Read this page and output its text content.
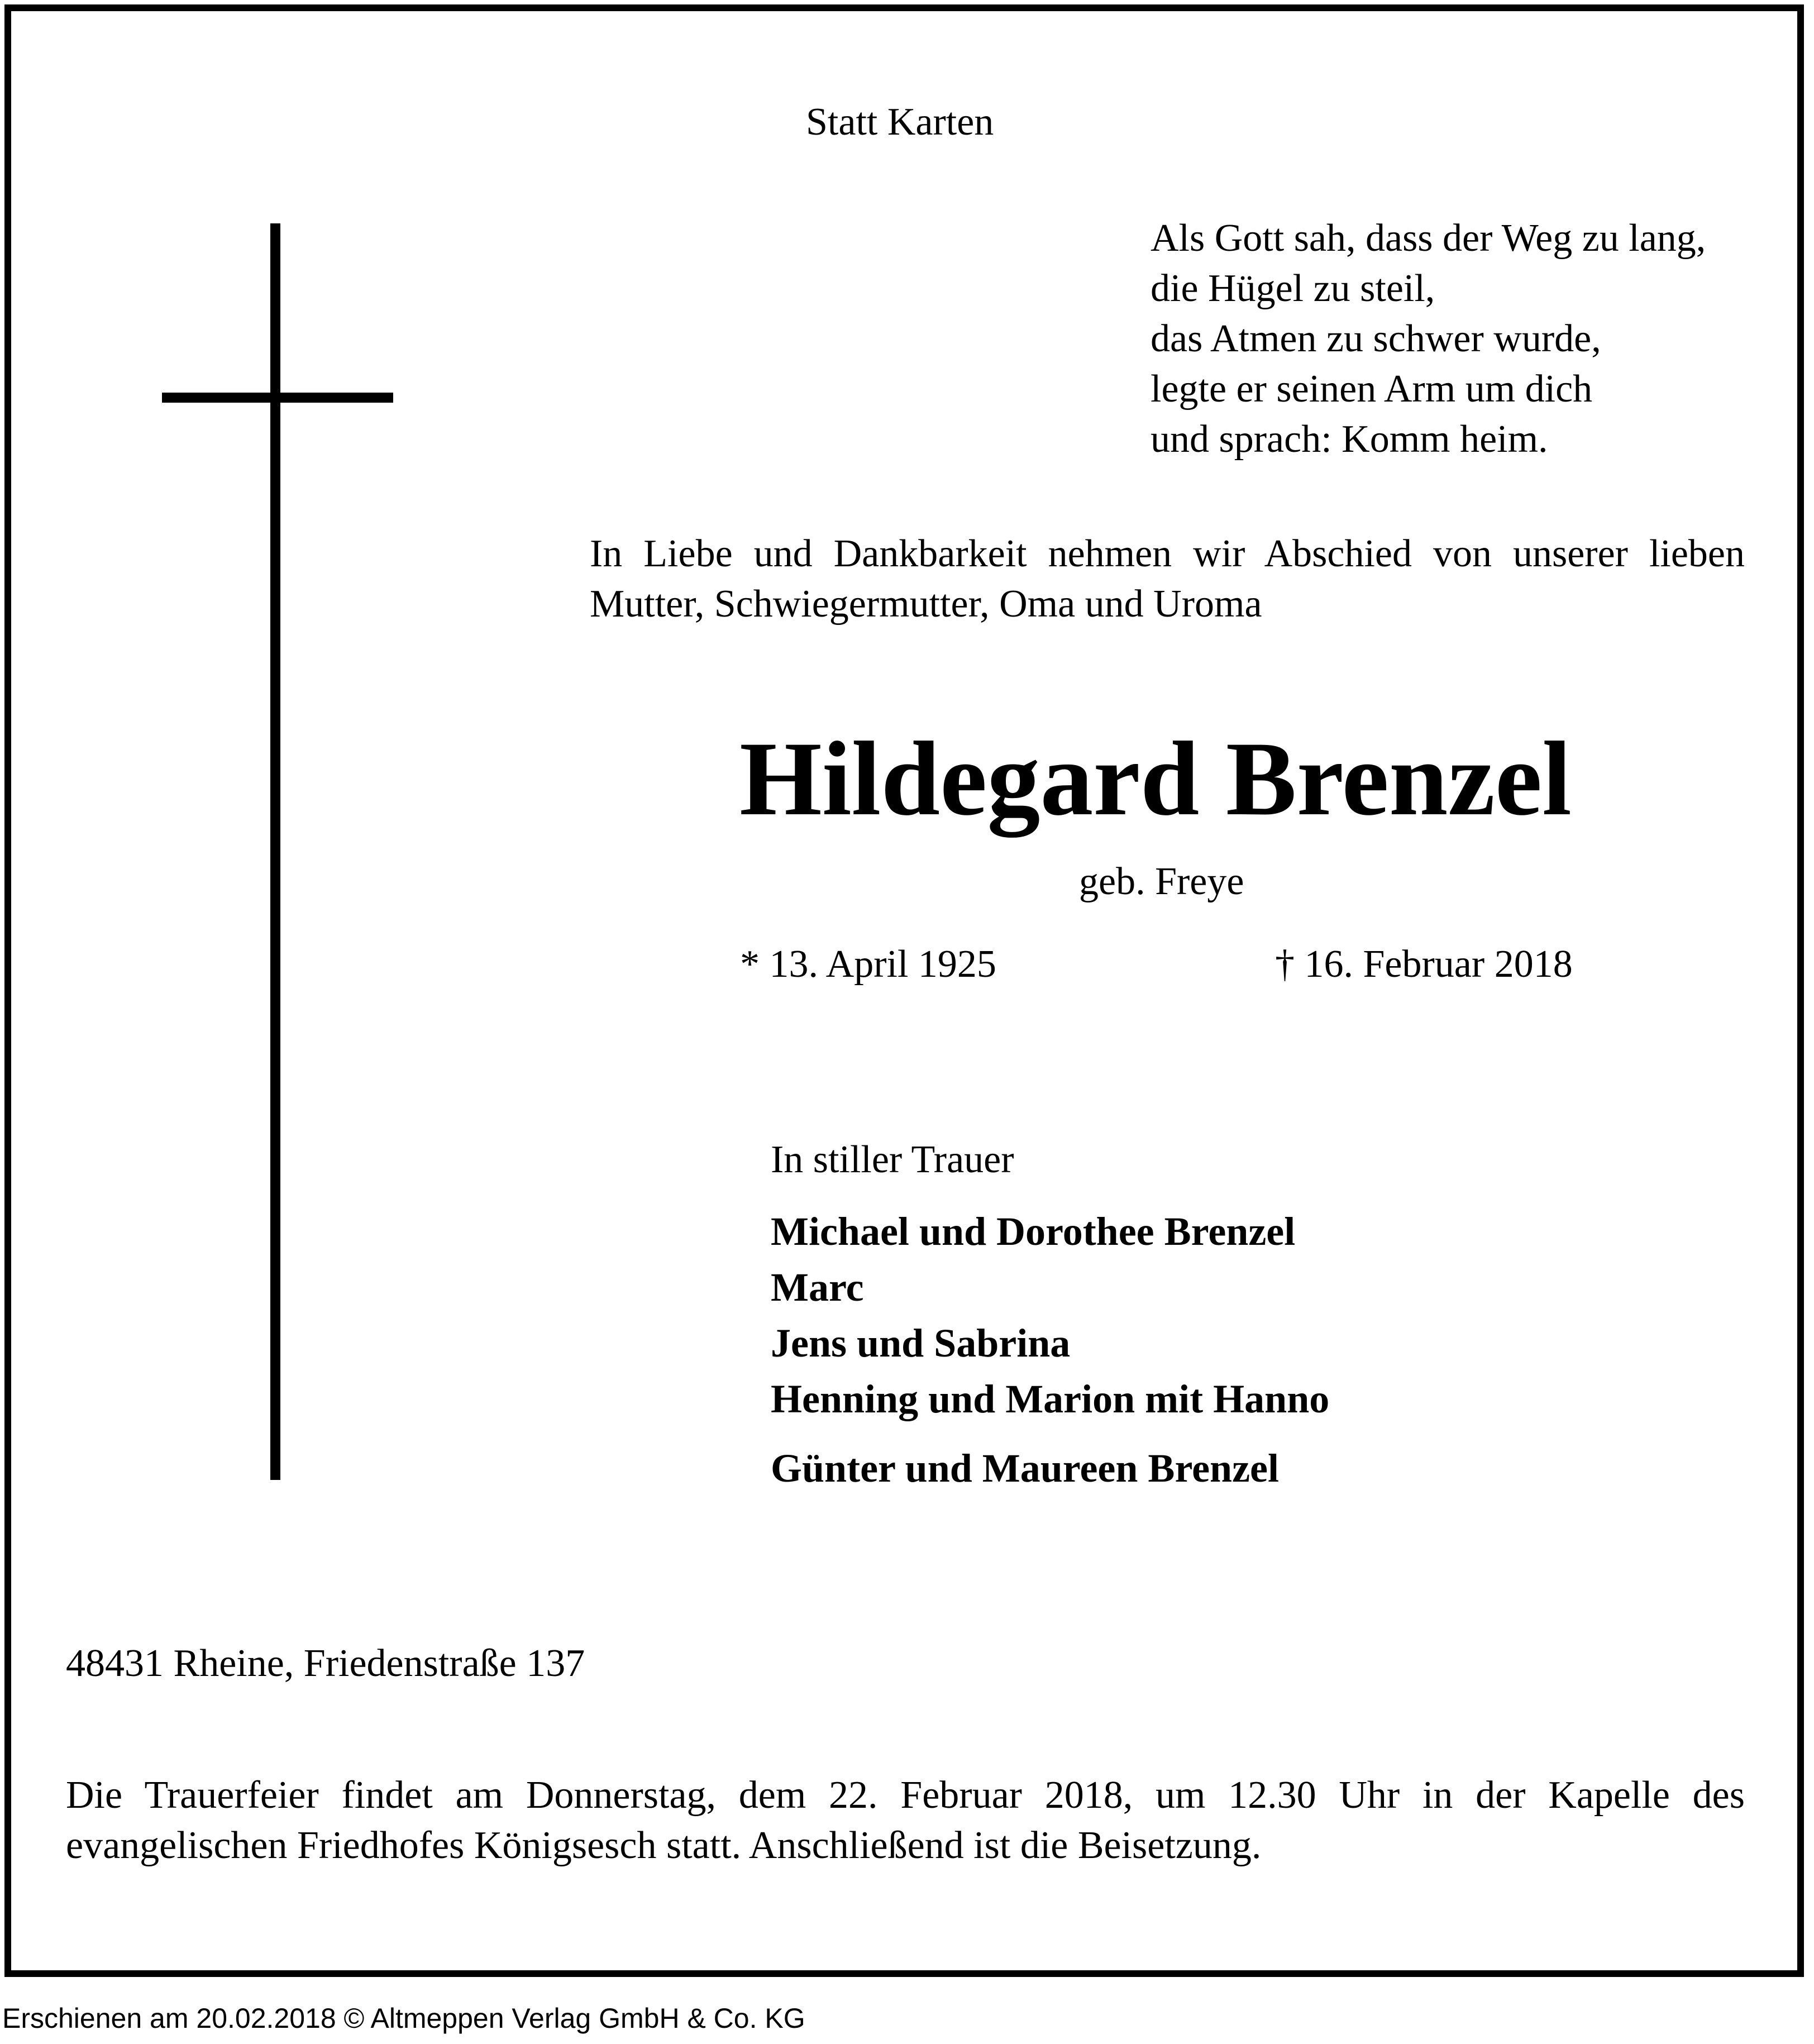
Statt Karten
Als Gott sah, dass der Weg zu lang,
die Hügel zu steil,
das Atmen zu schwer wurde,
legte er seinen Arm um dich
und sprach: Komm heim.
In Liebe und Dankbarkeit nehmen wir Abschied von unserer lieben
Mutter, Schwiegermutter, Oma und Uroma
Hildegard Brenzel
geb. Freye
* 13. April 1925	† 16. Februar 2018
In stiller Trauer
Michael und Dorothee Brenzel
Marc
Jens und Sabrina
Henning und Marion mit Hanno
Günter und Maureen Brenzel
48431 Rheine, Friedenstraße 137
Die Trauerfeier findet am Donnerstag, dem 22. Februar 2018, um 12.30 Uhr in der Kapelle des
evangelischen Friedhofes Königsesch statt. Anschließend ist die Beisetzung.
Erschienen am 20.02.2018 © Altmeppen Verlag GmbH & Co. KG
